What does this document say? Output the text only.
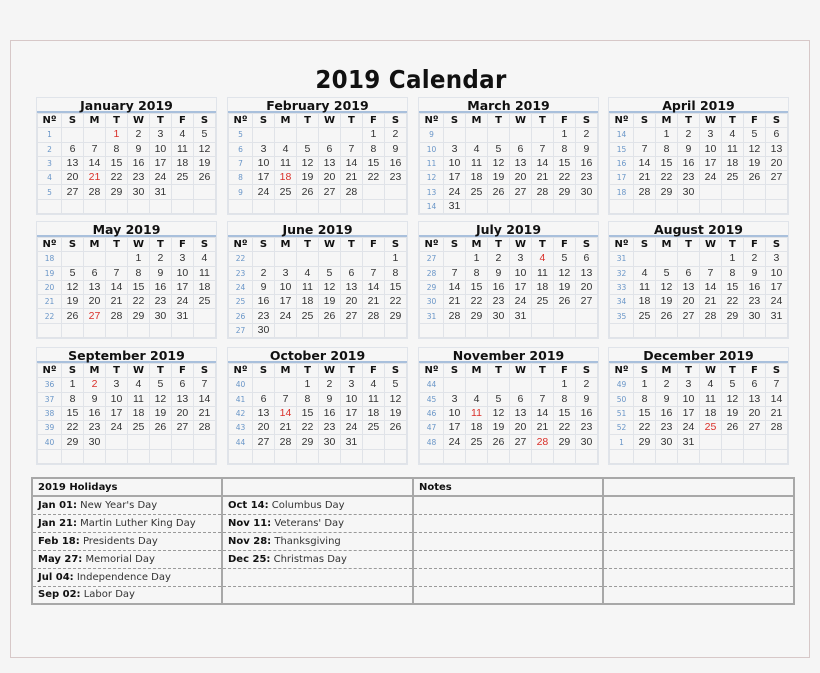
2019 Calendar
January 2019
Nº	S	M	T	W	T	F	S
1			1	2	3	4	5
2	6	7	8	9	10	11	12
3	13	14	15	16	17	18	19
4	20	21	22	23	24	25	26
5	27	28	29	30	31		

February 2019
Nº	S	M	T	W	T	F	S
5						1	2
6	3	4	5	6	7	8	9
7	10	11	12	13	14	15	16
8	17	18	19	20	21	22	23
9	24	25	26	27	28		

March 2019
Nº	S	M	T	W	T	F	S
9						1	2
10	3	4	5	6	7	8	9
11	10	11	12	13	14	15	16
12	17	18	19	20	21	22	23
13	24	25	26	27	28	29	30
14	31						
April 2019
Nº	S	M	T	W	T	F	S
14		1	2	3	4	5	6
15	7	8	9	10	11	12	13
16	14	15	16	17	18	19	20
17	21	22	23	24	25	26	27
18	28	29	30				

May 2019
Nº	S	M	T	W	T	F	S
18				1	2	3	4
19	5	6	7	8	9	10	11
20	12	13	14	15	16	17	18
21	19	20	21	22	23	24	25
22	26	27	28	29	30	31	

June 2019
Nº	S	M	T	W	T	F	S
22							1
23	2	3	4	5	6	7	8
24	9	10	11	12	13	14	15
25	16	17	18	19	20	21	22
26	23	24	25	26	27	28	29
27	30						
July 2019
Nº	S	M	T	W	T	F	S
27		1	2	3	4	5	6
28	7	8	9	10	11	12	13
29	14	15	16	17	18	19	20
30	21	22	23	24	25	26	27
31	28	29	30	31			

August 2019
Nº	S	M	T	W	T	F	S
31					1	2	3
32	4	5	6	7	8	9	10
33	11	12	13	14	15	16	17
34	18	19	20	21	22	23	24
35	25	26	27	28	29	30	31

September 2019
Nº	S	M	T	W	T	F	S
36	1	2	3	4	5	6	7
37	8	9	10	11	12	13	14
38	15	16	17	18	19	20	21
39	22	23	24	25	26	27	28
40	29	30					

October 2019
Nº	S	M	T	W	T	F	S
40			1	2	3	4	5
41	6	7	8	9	10	11	12
42	13	14	15	16	17	18	19
43	20	21	22	23	24	25	26
44	27	28	29	30	31		

November 2019
Nº	S	M	T	W	T	F	S
44						1	2
45	3	4	5	6	7	8	9
46	10	11	12	13	14	15	16
47	17	18	19	20	21	22	23
48	24	25	26	27	28	29	30

December 2019
Nº	S	M	T	W	T	F	S
49	1	2	3	4	5	6	7
50	8	9	10	11	12	13	14
51	15	16	17	18	19	20	21
52	22	23	24	25	26	27	28
1	29	30	31				

2019 Holidays		Notes	
Jan 01: New Year's Day	Oct 14: Columbus Day		
Jan 21: Martin Luther King Day	Nov 11: Veterans' Day		
Feb 18: Presidents Day	Nov 28: Thanksgiving		
May 27: Memorial Day	Dec 25: Christmas Day		
Jul 04: Independence Day			
Sep 02: Labor Day			
